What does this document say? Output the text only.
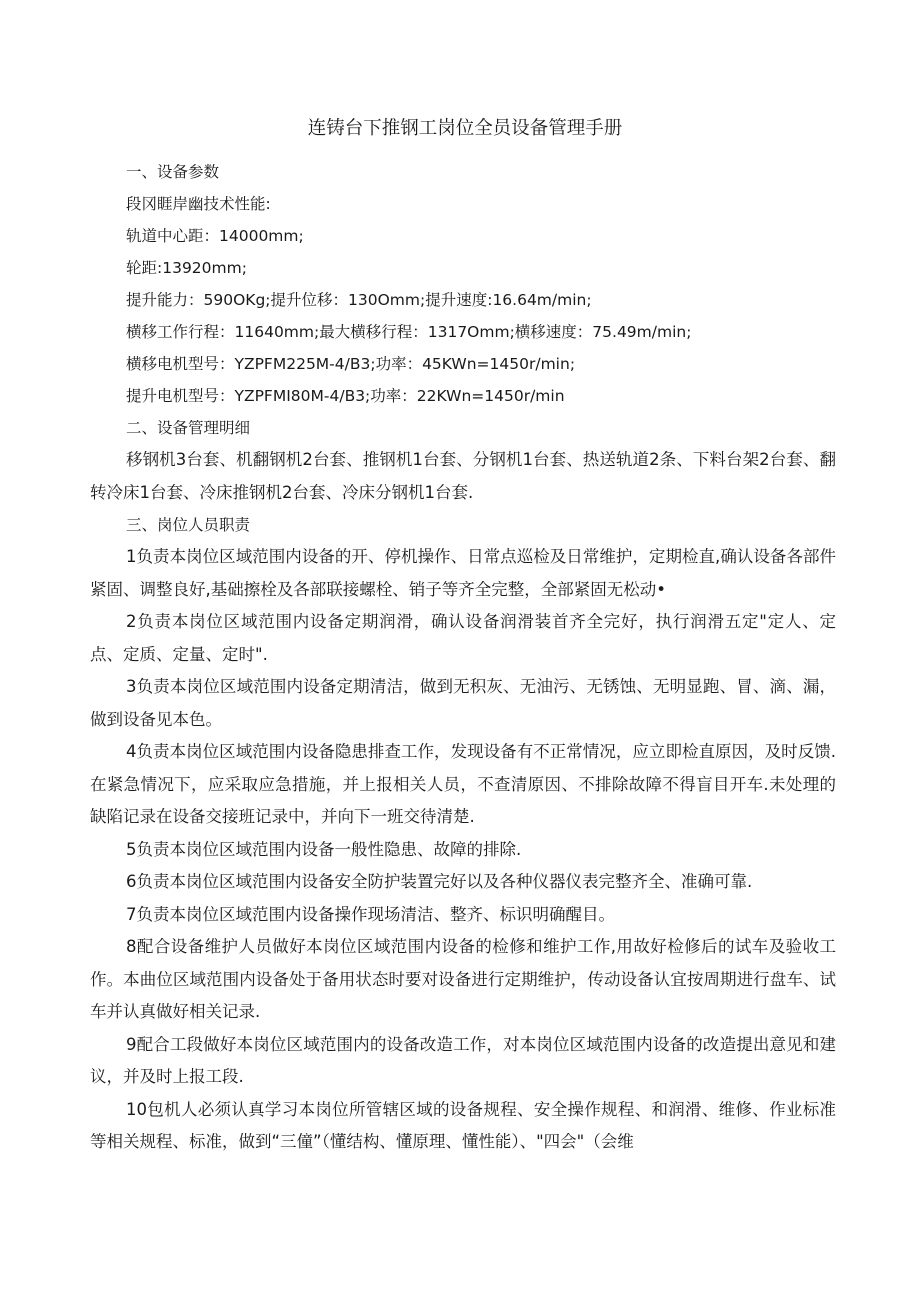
连铸台下推钢工岗位全员设备管理手册

一、设备参数

段冈睚岸幽技术性能:

轨道中心距：14000mm;

轮距:13920mm;

提升能力：590OKg;提升位移：130Omm;提升速度:16.64m∕min;

横移工作行程：11640mm;最大横移行程：1317Omm;横移速度：75.49m∕min;

横移电机型号：YZPFM225M-4/B3;功率：45KWn=1450r∕min;

提升电机型号：YZPFMI80M-4/B3;功率：22KWn=1450r∕min

二、设备管理明细

移钢机3台套、机翻钢机2台套、推钢机1台套、分钢机1台套、热送轨道2条、下料台架2台套、翻转冷床1台套、冷床推钢机2台套、冷床分钢机1台套.

三、岗位人员职责

1负责本岗位区域范围内设备的开、停机操作、日常点巡检及日常维护，定期检直,确认设备各部件紧固、调整良好,基础擦栓及各部联接螺栓、销子等齐全完整，全部紧固无松动•

2负责本岗位区域范围内设备定期润滑，确认设备润滑装首齐全完好，执行润滑五定"定人、定点、定质、定量、定时".

3负责本岗位区域范围内设备定期清洁，做到无积灰、无油污、无锈蚀、无明显跑、冒、滴、漏，做到设备见本色。

4负责本岗位区域范围内设备隐患排查工作，发现设备有不正常情况，应立即检直原因，及时反馈.在紧急情况下，应采取应急措施，并上报相关人员，不查清原因、不排除故障不得盲目开车.未处理的缺陷记录在设备交接班记录中，并向下一班交待清楚.

5负责本岗位区域范围内设备一般性隐患、故障的排除.

6负责本岗位区域范围内设备安全防护装置完好以及各种仪器仪表完整齐全、准确可靠.

7负责本岗位区域范围内设备操作现场清洁、整齐、标识明确醒目。

8配合设备维护人员做好本岗位区域范围内设备的检修和维护工作,用故好检修后的试车及验收工作。本曲位区域范围内设备处于备用状态时要对设备进行定期维护，传动设备认宜按周期进行盘车、试车并认真做好相关记录.

9配合工段做好本岗位区域范围内的设备改造工作，对本岗位区域范围内设备的改造提出意见和建议，并及时上报工段.

10包机人必须认真学习本岗位所管辖区域的设备规程、安全操作规程、和润滑、维修、作业标准等相关规程、标准，做到“三僮”（懂结构、懂原理、懂性能）、"四会"（会维
